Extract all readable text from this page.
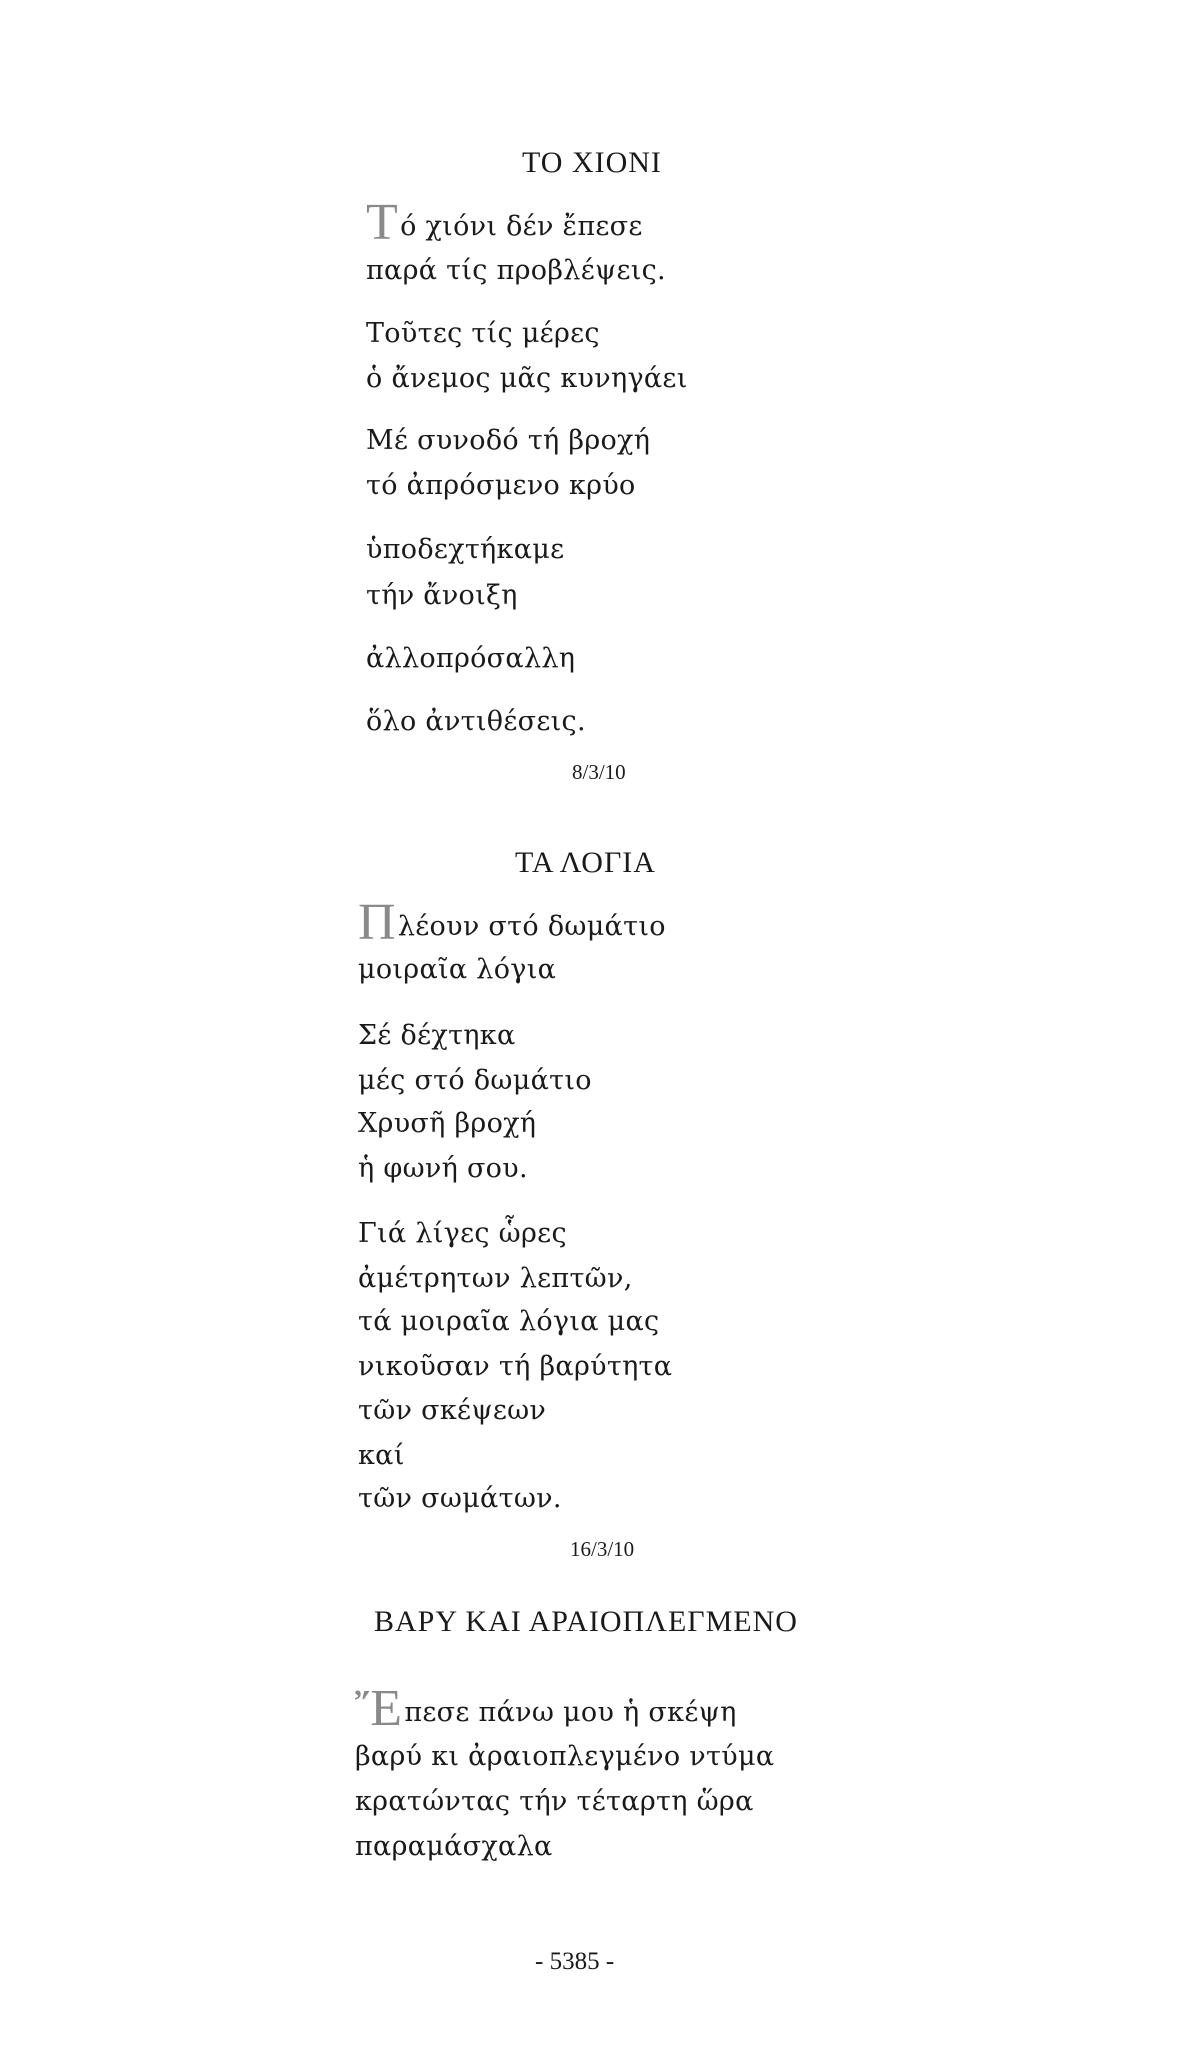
ΤΟ ΧΙΟΝΙ
Τό χιόνι δέν ἔπεσε
παρά τίς προβλέψεις.
Τοῦτες τίς μέρες
ὁ ἄνεμος μᾶς κυνηγάει
Μέ συνοδό τή βροχή
τό ἀπρόσμενο κρύο
ὑποδεχτήκαμε
τήν ἄνοιξη
ἀλλοπρόσαλλη
ὅλο ἀντιθέσεις.
8/3/10
ΤΑ ΛΟΓΙΑ
Πλέουν στό δωμάτιο
μοιραῖα λόγια
Σέ δέχτηκα
μές στό δωμάτιο
Χρυσῆ βροχή
ἡ φωνή σου.
Γιά λίγες ὧρες
ἀμέτρητων λεπτῶν,
τά μοιραῖα λόγια μας
νικοῦσαν τή βαρύτητα
τῶν σκέψεων
καί
τῶν σωμάτων.
16/3/10
ΒΑΡΥ ΚΑΙ ΑΡΑΙΟΠΛΕΓΜΕΝΟ
Ἔπεσε πάνω μου ἡ σκέψη
βαρύ κι ἀραιοπλεγμένο ντύμα
κρατώντας τήν τέταρτη ὥρα
παραμάσχαλα
- 5385 -
